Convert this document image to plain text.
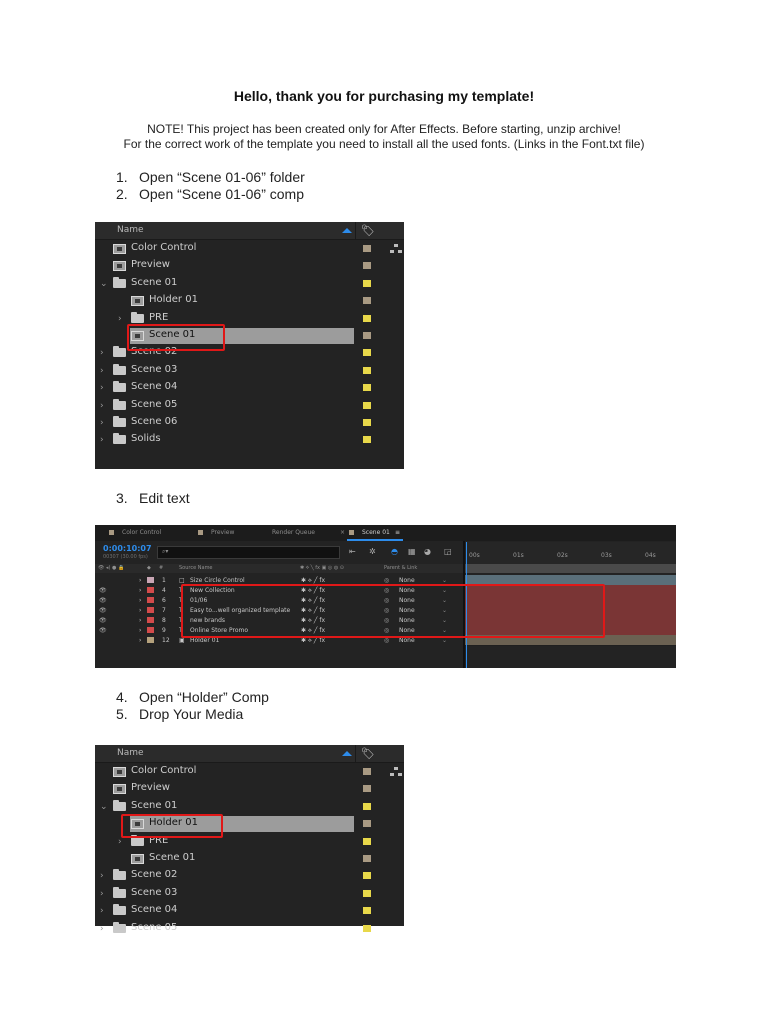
Hello, thank you for purchasing my template!
NOTE! This project has been created only for After Effects. Before starting, unzip archive!
For the correct work of the template you need to install all the used fonts. (Links in the Font.txt file)
1. Open “Scene 01-06” folder
2. Open “Scene 01-06” comp
Name	🏷
Color Control
Preview
⌄ Scene 01
Holder 01
›	PRE
Scene 01
›	Scene 02
›	Scene 03
›	Scene 04
›	Scene 05
›	Scene 06
›	Solids
3. Edit text
Color Control	Preview	Render Queue	×	Scene 01 ≡
0:00:10:07
00307 (30.00 fps)
⌕▾	⇤ ✲ ◓ ▦ ◕ ◲
👁 ◂) ● 🔒	◆ #	Source Name	✱ ⟡ ╲ fx ▣ ◎ ◍ ⊙	Parent & Link
›	1 □ Size Circle Control	✱ ⟡ ╱ fx	◎ None	⌄
👁	›	4 T New Collection	✱ ⟡ ╱ fx	◎ None	⌄
👁	›	6 T 01/06	✱ ⟡ ╱ fx	◎ None	⌄
👁	›	7 T Easy to...well organized template ✱ ⟡ ╱ fx	◎ None	⌄
👁	›	8 T new brands	✱ ⟡ ╱ fx	◎ None	⌄
👁	›	9 T Online Store Promo	✱ ⟡ ╱ fx	◎ None	⌄
›	12 ▣ Holder 01	✱ ⟡ ╱ fx	◎ None	⌄
00s	01s	02s	03s	04s
4. Open “Holder” Comp
5. Drop Your Media
Name	🏷
Color Control
Preview
⌄ Scene 01
Holder 01
›	PRE
Scene 01
›	Scene 02
›	Scene 03
›	Scene 04
›	Scene 05
